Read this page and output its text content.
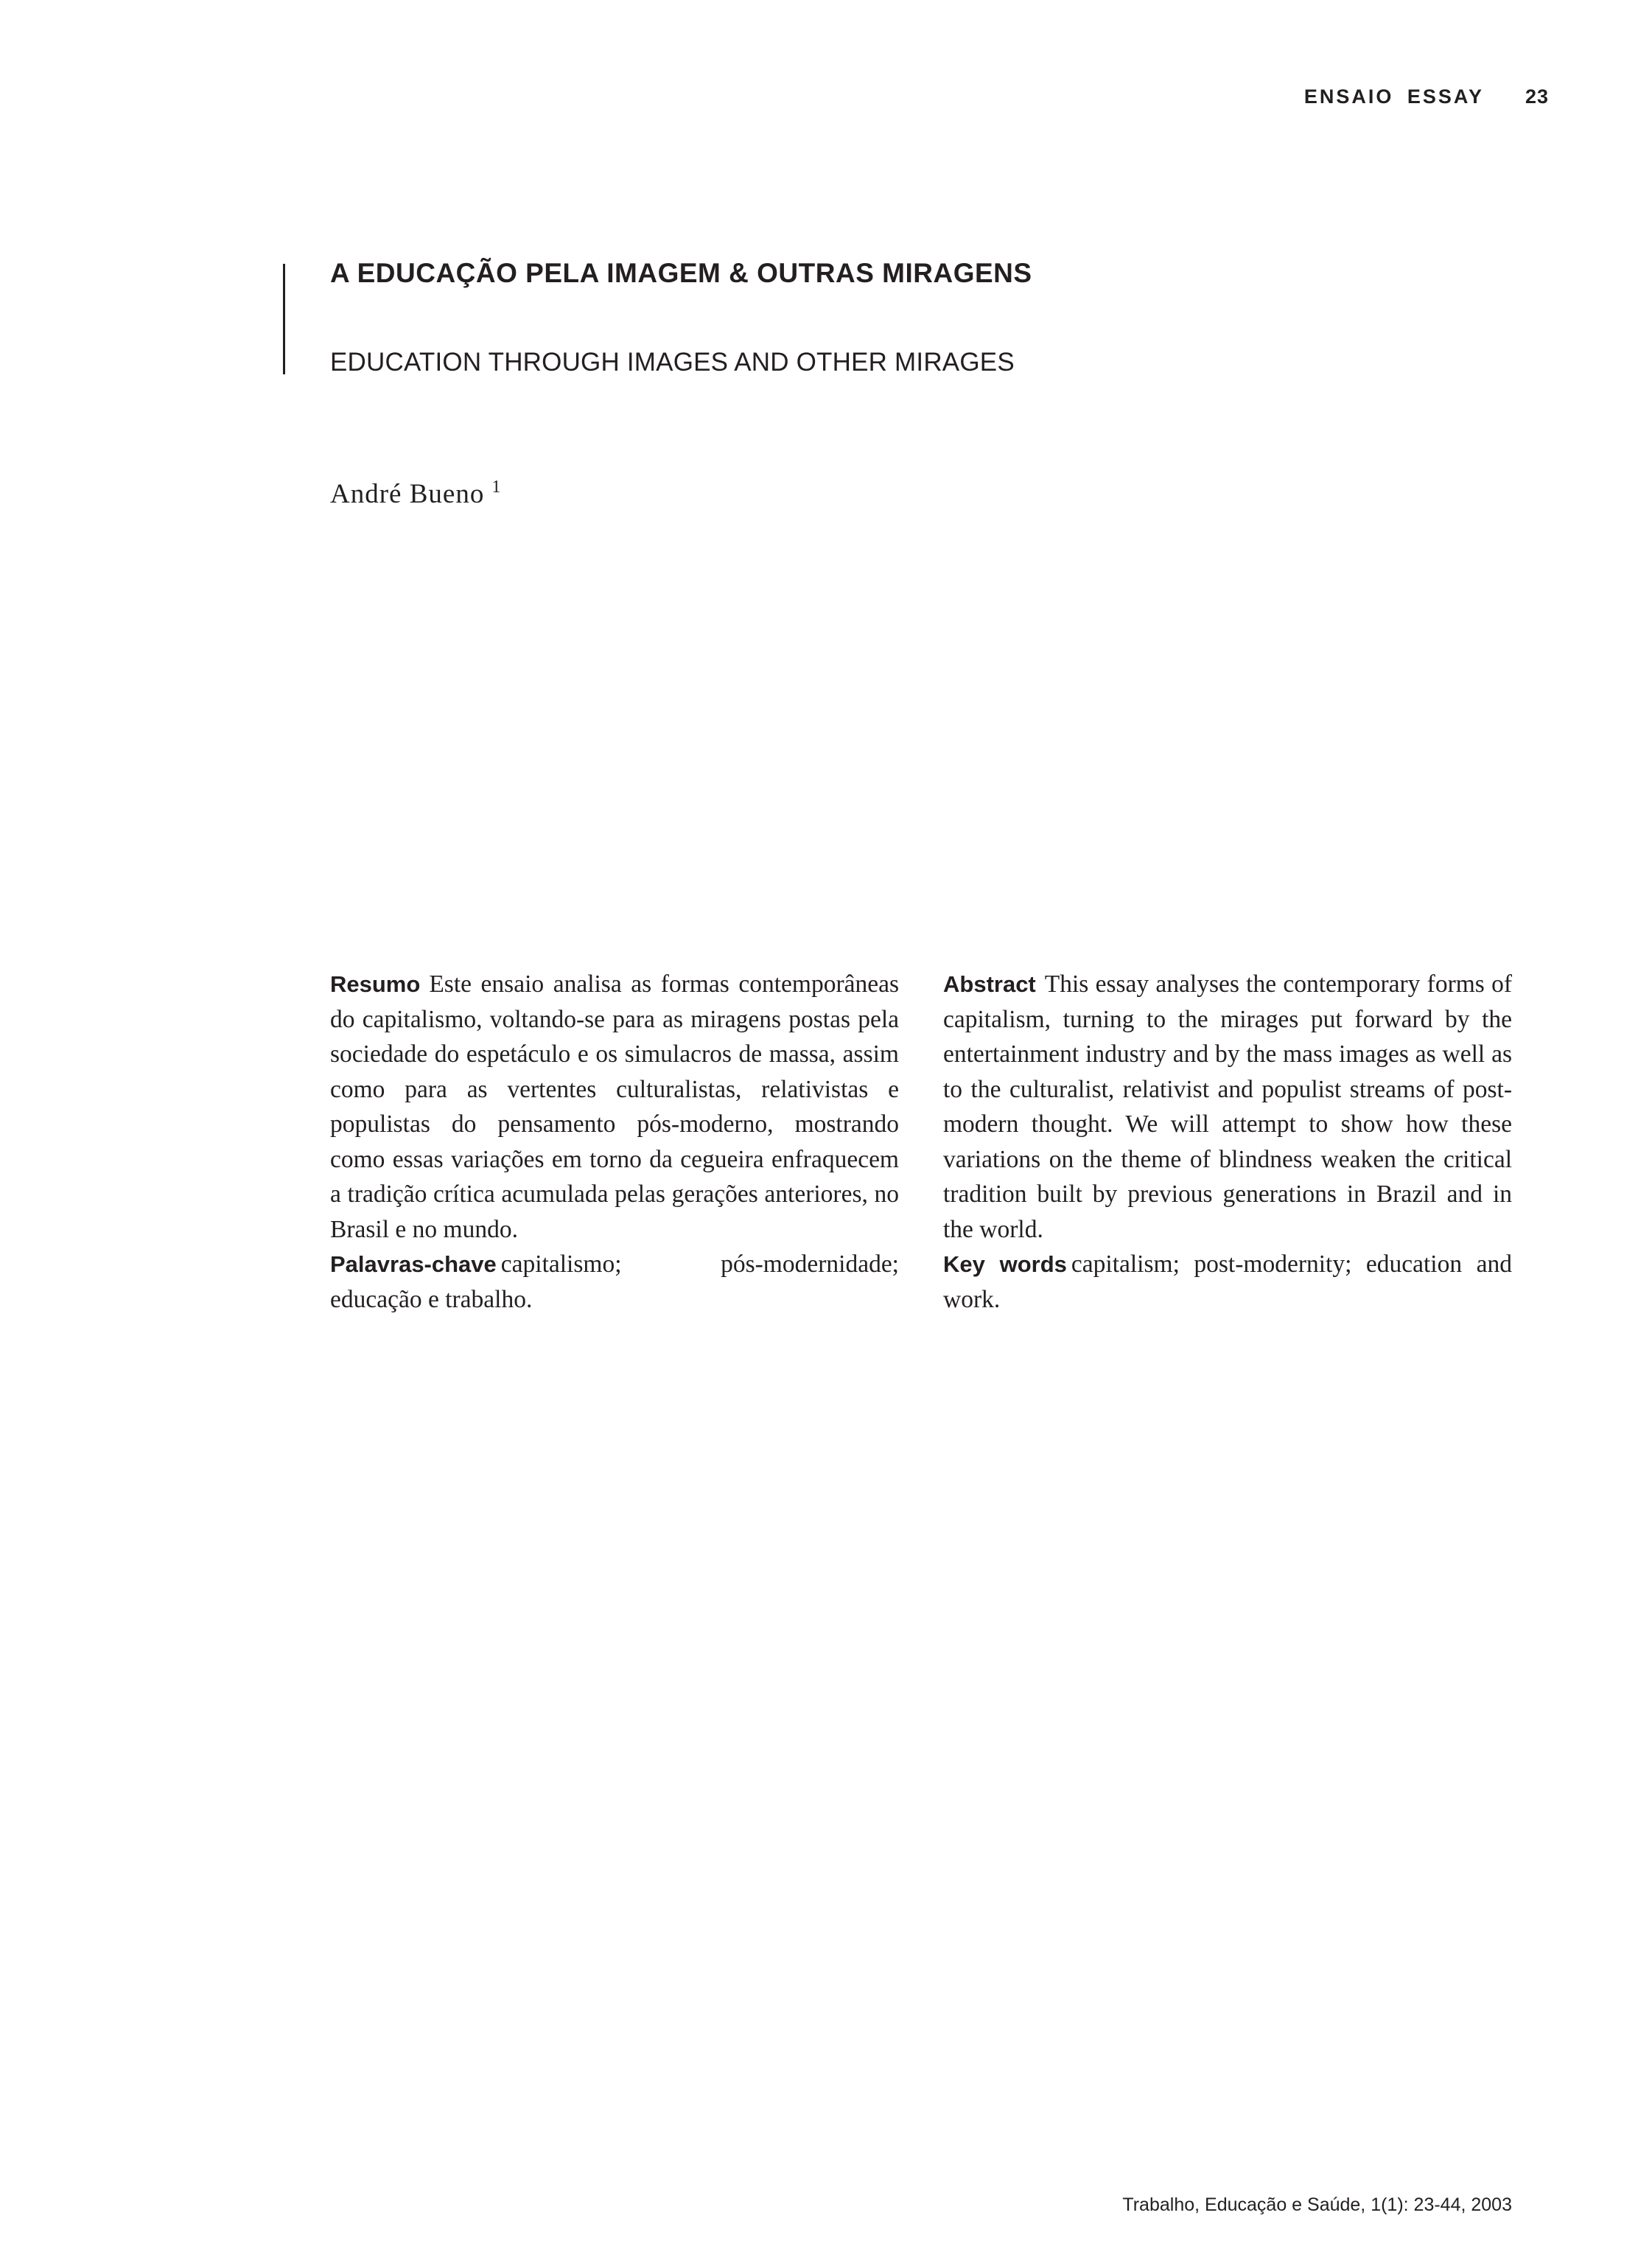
ENSAIO ESSAY 23
A EDUCAÇÃO PELA IMAGEM & OUTRAS MIRAGENS
EDUCATION THROUGH IMAGES AND OTHER MIRAGES
André Bueno $^1$

Resumo Este ensaio analisa as formas contemporâneas do capitalismo, voltando-se para as miragens postas pela sociedade do espetáculo e os simulacros de massa, assim como para as vertentes culturalistas, relativistas e populistas do pensamento pós-moderno, mostrando como essas variações em torno da cegueira enfraquecem a tradição crítica acumulada pelas gerações anteriores, no Brasil e no mundo.

Palavras-chave capitalismo; pós-modernidade; educação e trabalho.

Abstract This essay analyses the contemporary forms of capitalism, turning to the mirages put forward by the entertainment industry and by the mass images as well as to the culturalist, relativist and populist streams of post-modern thought. We will attempt to show how these variations on the theme of blindness weaken the critical tradition built by previous generations in Brazil and in the world.

Key words capitalism; post-modernity; education and work.

Trabalho, Educação e Saúde, 1(1): 23-44, 2003
